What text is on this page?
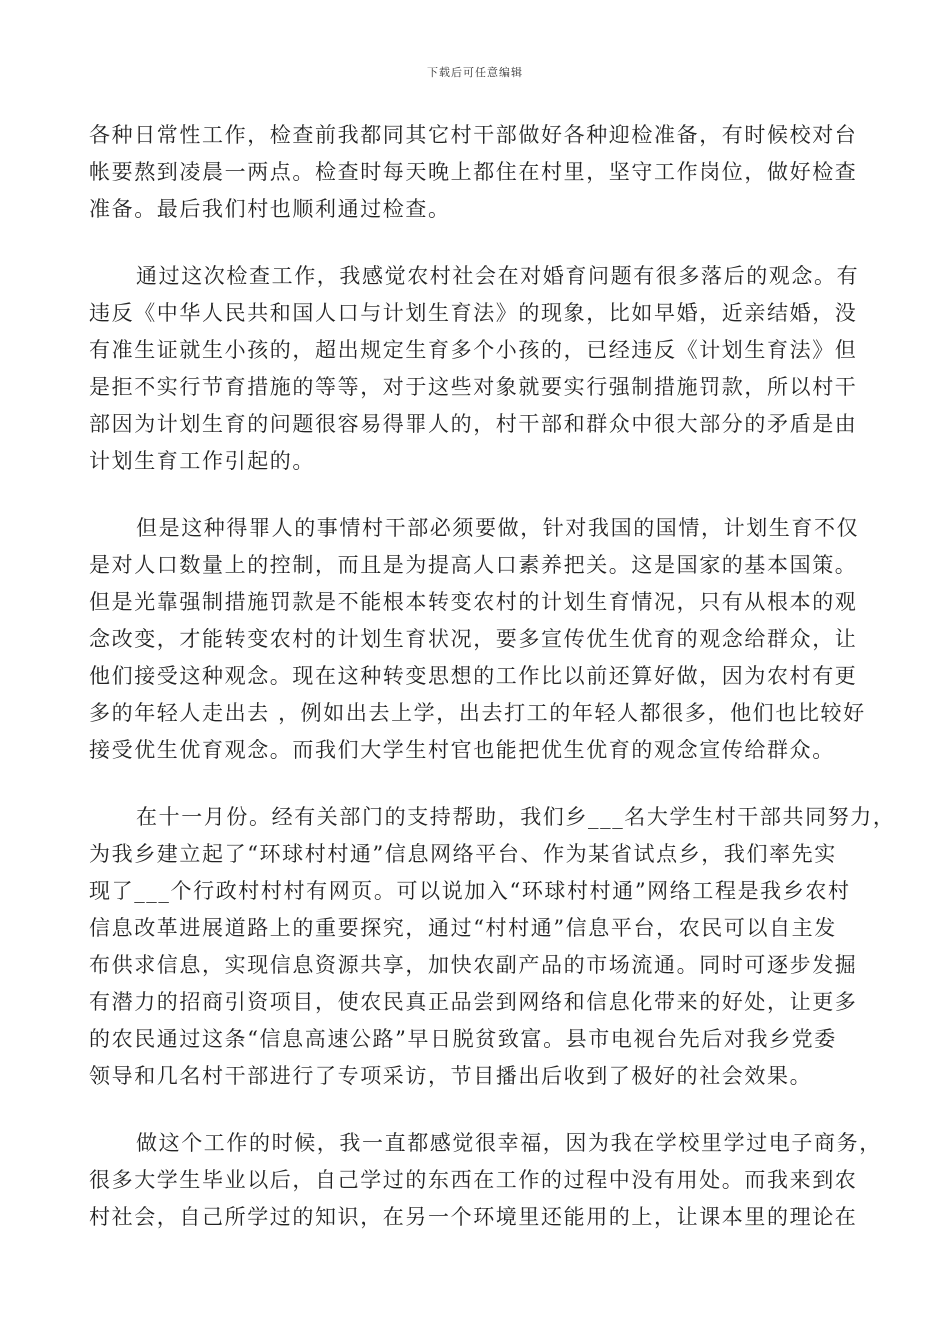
下载后可任意编辑
各种日常性工作，检查前我都同其它村干部做好各种迎检准备，有时候校对台
帐要熬到凌晨一两点。检查时每天晚上都住在村里，坚守工作岗位，做好检查
准备。最后我们村也顺利通过检查。
通过这次检查工作，我感觉农村社会在对婚育问题有很多落后的观念。有
违反《中华人民共和国人口与计划生育法》的现象，比如早婚，近亲结婚，没
有准生证就生小孩的，超出规定生育多个小孩的，已经违反《计划生育法》但
是拒不实行节育措施的等等，对于这些对象就要实行强制措施罚款，所以村干
部因为计划生育的问题很容易得罪人的，村干部和群众中很大部分的矛盾是由
计划生育工作引起的。
但是这种得罪人的事情村干部必须要做，针对我国的国情，计划生育不仅
是对人口数量上的控制，而且是为提高人口素养把关。这是国家的基本国策。
但是光靠强制措施罚款是不能根本转变农村的计划生育情况，只有从根本的观
念改变，才能转变农村的计划生育状况，要多宣传优生优育的观念给群众，让
他们接受这种观念。现在这种转变思想的工作比以前还算好做，因为农村有更
多的年轻人走出去 ，例如出去上学，出去打工的年轻人都很多，他们也比较好
接受优生优育观念。而我们大学生村官也能把优生优育的观念宣传给群众。
在十一月份。经有关部门的支持帮助，我们乡___名大学生村干部共同努力，
为我乡建立起了“环球村村通”信息网络平台、作为某省试点乡，我们率先实
现了___个行政村村村有网页。可以说加入“环球村村通”网络工程是我乡农村
信息改革进展道路上的重要探究，通过“村村通”信息平台，农民可以自主发
布供求信息，实现信息资源共享，加快农副产品的市场流通。同时可逐步发掘
有潜力的招商引资项目，使农民真正品尝到网络和信息化带来的好处，让更多
的农民通过这条“信息高速公路”早日脱贫致富。县市电视台先后对我乡党委
领导和几名村干部进行了专项采访，节目播出后收到了极好的社会效果。
做这个工作的时候，我一直都感觉很幸福，因为我在学校里学过电子商务，
很多大学生毕业以后，自己学过的东西在工作的过程中没有用处。而我来到农
村社会，自己所学过的知识，在另一个环境里还能用的上，让课本里的理论在
